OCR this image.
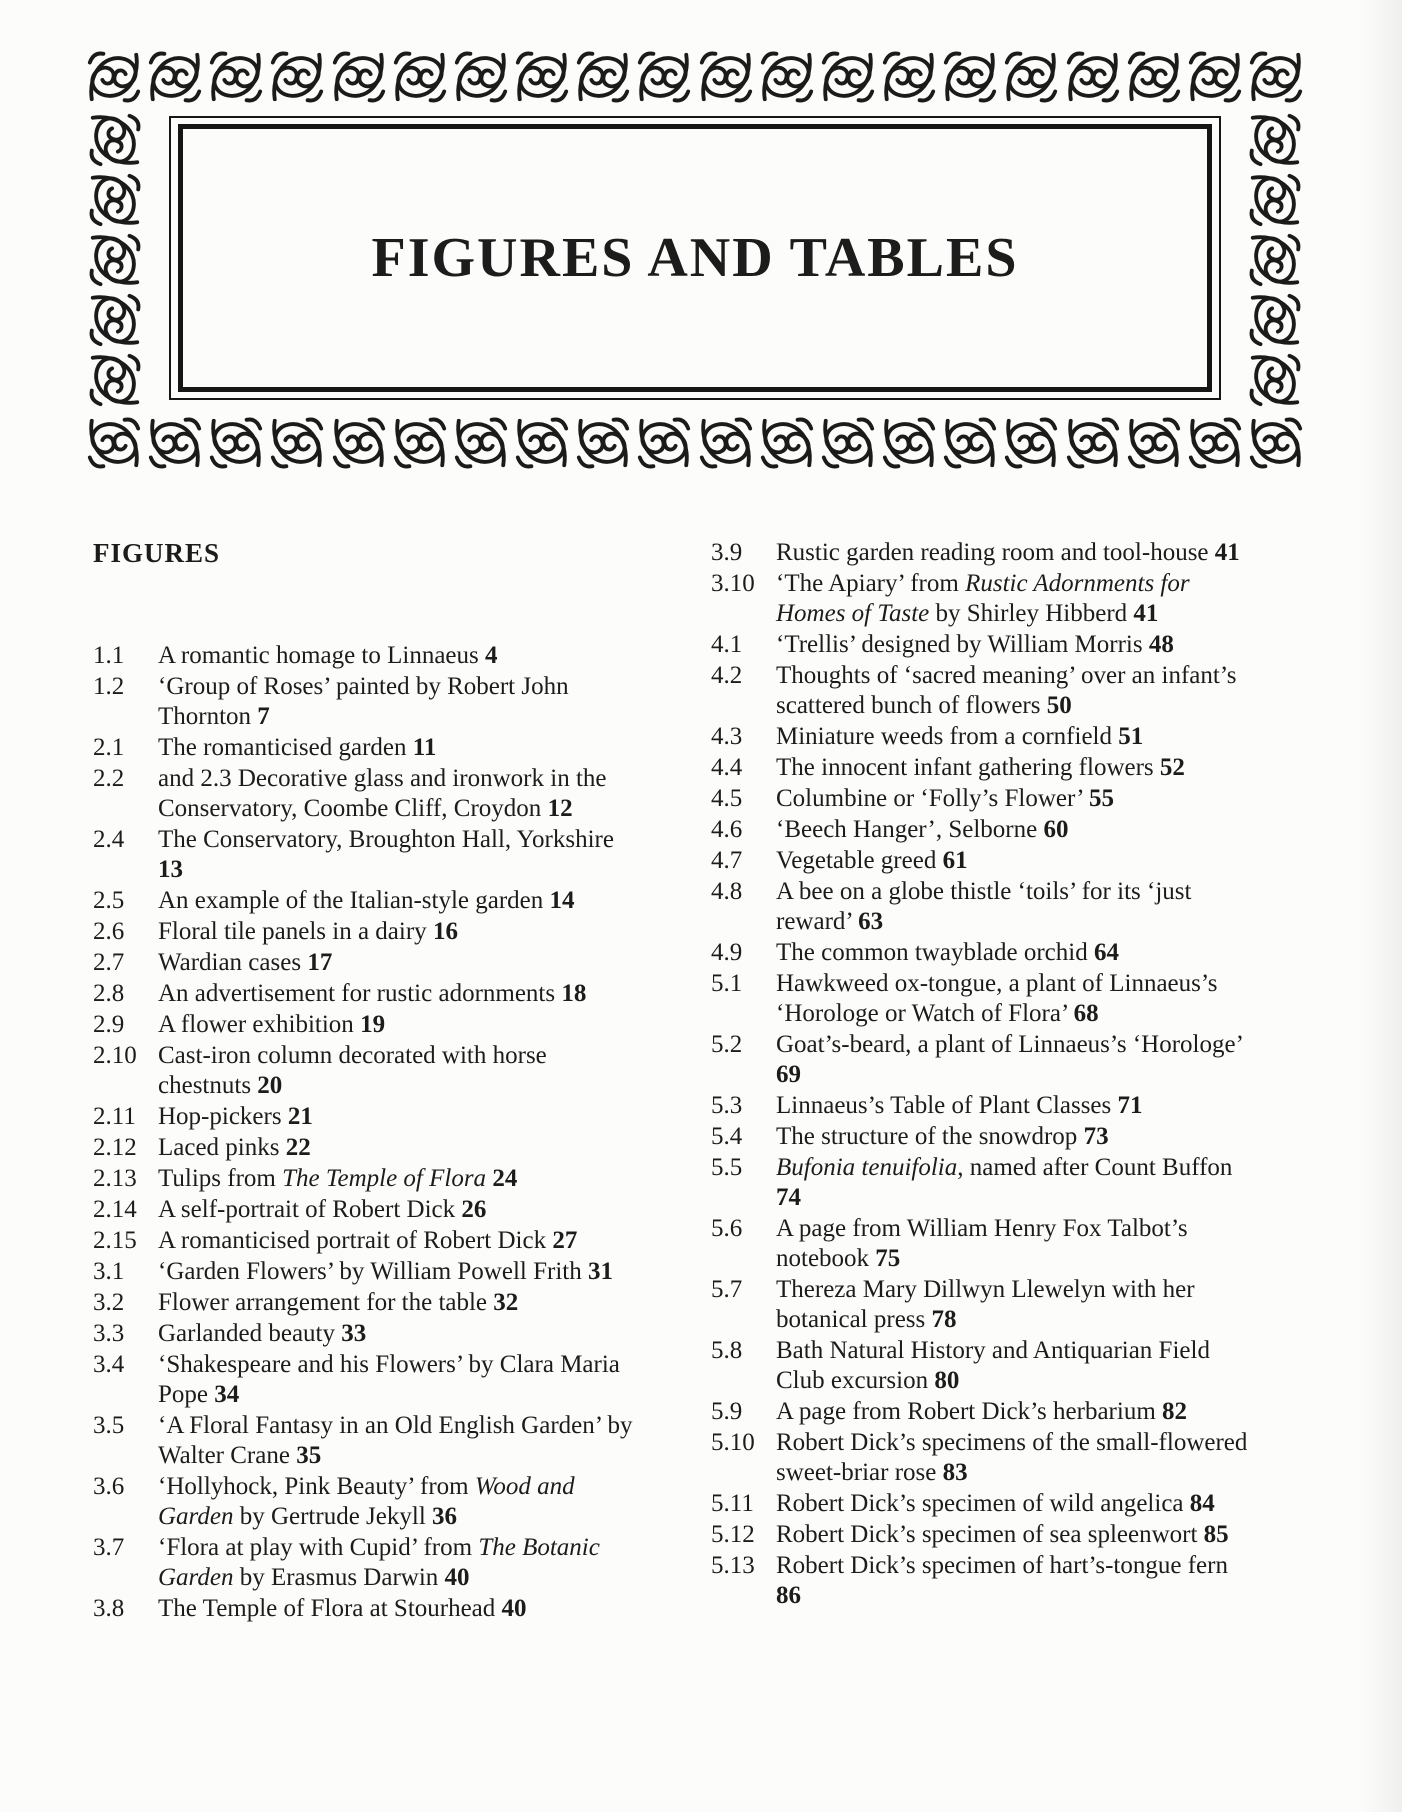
FIGURES AND TABLES
FIGURES
1.1	A romantic homage to Linnaeus 4
1.2	‘Group of Roses’ painted by Robert John Thornton 7
2.1	The romanticised garden 11
2.2	and 2.3 Decorative glass and ironwork in the Conservatory, Coombe Cliff, Croydon 12
2.4	The Conservatory, Broughton Hall, Yorkshire 13
2.5	An example of the Italian-style garden 14
2.6	Floral tile panels in a dairy 16
2.7	Wardian cases 17
2.8	An advertisement for rustic adornments 18
2.9	A flower exhibition 19
2.10 Cast-iron column decorated with horse chestnuts 20
2.11 Hop-pickers 21
2.12 Laced pinks 22
2.13 Tulips from The Temple of Flora 24
2.14 A self-portrait of Robert Dick 26
2.15 A romanticised portrait of Robert Dick 27
3.1	‘Garden Flowers’ by William Powell Frith 31
3.2	Flower arrangement for the table 32
3.3	Garlanded beauty 33
3.4	‘Shakespeare and his Flowers’ by Clara Maria Pope 34
3.5	‘A Floral Fantasy in an Old English Garden’ by Walter Crane 35
3.6	‘Hollyhock, Pink Beauty’ from Wood and Garden by Gertrude Jekyll 36
3.7	‘Flora at play with Cupid’ from The Botanic Garden by Erasmus Darwin 40
3.8	The Temple of Flora at Stourhead 40
3.9	Rustic garden reading room and tool-house 41
3.10 ‘The Apiary’ from Rustic Adornments for Homes of Taste by Shirley Hibberd 41
4.1	‘Trellis’ designed by William Morris 48
4.2	Thoughts of ‘sacred meaning’ over an infant’s scattered bunch of flowers 50
4.3	Miniature weeds from a cornfield 51
4.4	The innocent infant gathering flowers 52
4.5	Columbine or ‘Folly’s Flower’ 55
4.6	‘Beech Hanger’, Selborne 60
4.7	Vegetable greed 61
4.8	A bee on a globe thistle ‘toils’ for its ‘just reward’ 63
4.9	The common twayblade orchid 64
5.1	Hawkweed ox-tongue, a plant of Linnaeus’s ‘Horologe or Watch of Flora’ 68
5.2	Goat’s-beard, a plant of Linnaeus’s ‘Horologe’ 69
5.3	Linnaeus’s Table of Plant Classes 71
5.4	The structure of the snowdrop 73
5.5	Bufonia tenuifolia, named after Count Buffon 74
5.6	A page from William Henry Fox Talbot’s notebook 75
5.7	Thereza Mary Dillwyn Llewelyn with her botanical press 78
5.8	Bath Natural History and Antiquarian Field Club excursion 80
5.9	A page from Robert Dick’s herbarium 82
5.10 Robert Dick’s specimens of the small-flowered sweet-briar rose 83
5.11 Robert Dick’s specimen of wild angelica 84
5.12 Robert Dick’s specimen of sea spleenwort 85
5.13 Robert Dick’s specimen of hart’s-tongue fern 86
